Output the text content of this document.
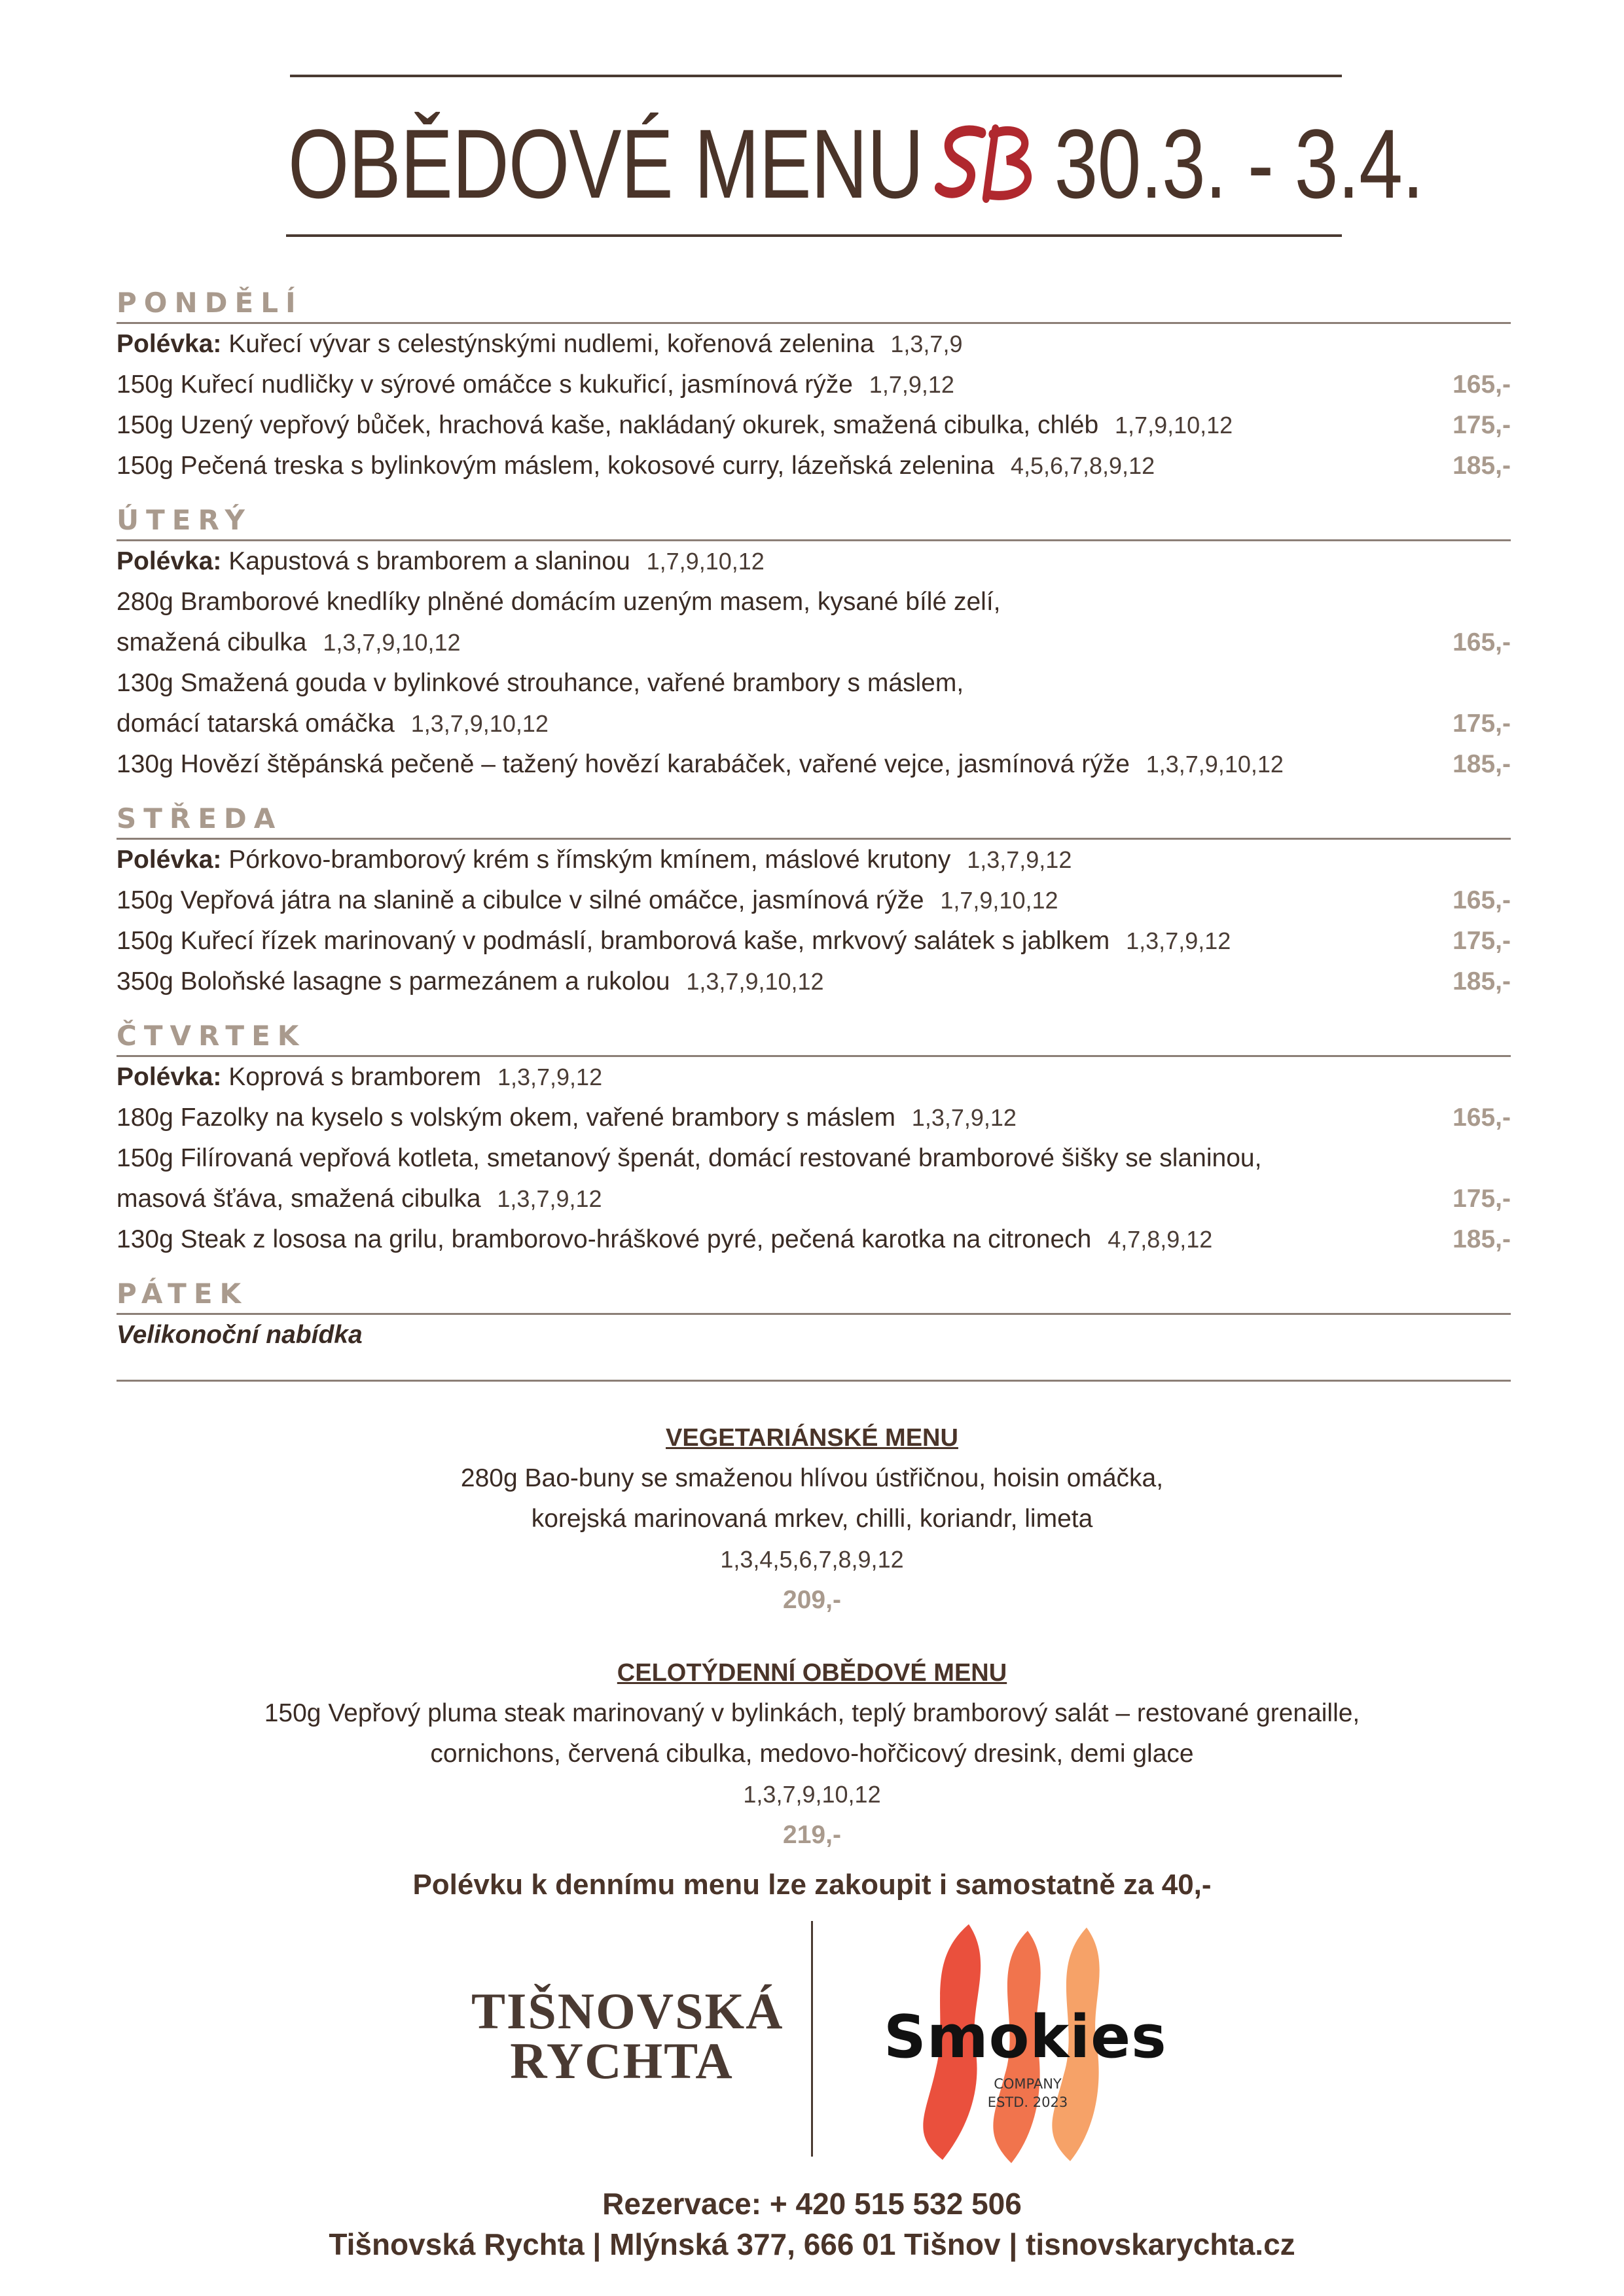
OBĚDOVÉ MENU 30.3. - 3.4.
PONDĚLÍ
Polévka: Kuřecí vývar s celestýnskými nudlemi, kořenová zelenina 1,3,7,9
150g Kuřecí nudličky v sýrové omáčce s kukuřicí, jasmínová rýže 1,7,9,12	165,-
150g Uzený vepřový bůček, hrachová kaše, nakládaný okurek, smažená cibulka, chléb 1,7,9,10,12	175,-
150g Pečená treska s bylinkovým máslem, kokosové curry, lázeňská zelenina 4,5,6,7,8,9,12	185,-
ÚTERÝ
Polévka: Kapustová s bramborem a slaninou 1,7,9,10,12
280g Bramborové knedlíky plněné domácím uzeným masem, kysané bílé zelí,
smažená cibulka 1,3,7,9,10,12	165,-
130g Smažená gouda v bylinkové strouhance, vařené brambory s máslem,
domácí tatarská omáčka 1,3,7,9,10,12	175,-
130g Hovězí štěpánská pečeně – tažený hovězí karabáček, vařené vejce, jasmínová rýže 1,3,7,9,10,12	185,-
STŘEDA
Polévka: Pórkovo-bramborový krém s římským kmínem, máslové krutony 1,3,7,9,12
150g Vepřová játra na slanině a cibulce v silné omáčce, jasmínová rýže 1,7,9,10,12	165,-
150g Kuřecí řízek marinovaný v podmáslí, bramborová kaše, mrkvový salátek s jablkem 1,3,7,9,12	175,-
350g Boloňské lasagne s parmezánem a rukolou 1,3,7,9,10,12	185,-
ČTVRTEK
Polévka: Koprová s bramborem 1,3,7,9,12
180g Fazolky na kyselo s volským okem, vařené brambory s máslem 1,3,7,9,12	165,-
150g Filírovaná vepřová kotleta, smetanový špenát, domácí restované bramborové šišky se slaninou,
masová šťáva, smažená cibulka 1,3,7,9,12	175,-
130g Steak z lososa na grilu, bramborovo-hráškové pyré, pečená karotka na citronech 4,7,8,9,12	185,-
PÁTEK
Velikonoční nabídka
VEGETARIÁNSKÉ MENU
280g Bao-buny se smaženou hlívou ústřičnou, hoisin omáčka,
korejská marinovaná mrkev, chilli, koriandr, limeta
1,3,4,5,6,7,8,9,12
209,-
CELOTÝDENNÍ OBĚDOVÉ MENU
150g Vepřový pluma steak marinovaný v bylinkách, teplý bramborový salát – restované grenaille,
cornichons, červená cibulka, medovo-hořčicový dresink, demi glace
1,3,7,9,10,12
219,-
Polévku k dennímu menu lze zakoupit i samostatně za 40,-
TIŠNOVSKÁ
RYCHTA	Smokies
COMPANY
ESTD. 2023
Rezervace: + 420 515 532 506
Tišnovská Rychta | Mlýnská 377, 666 01 Tišnov | tisnovskarychta.cz
